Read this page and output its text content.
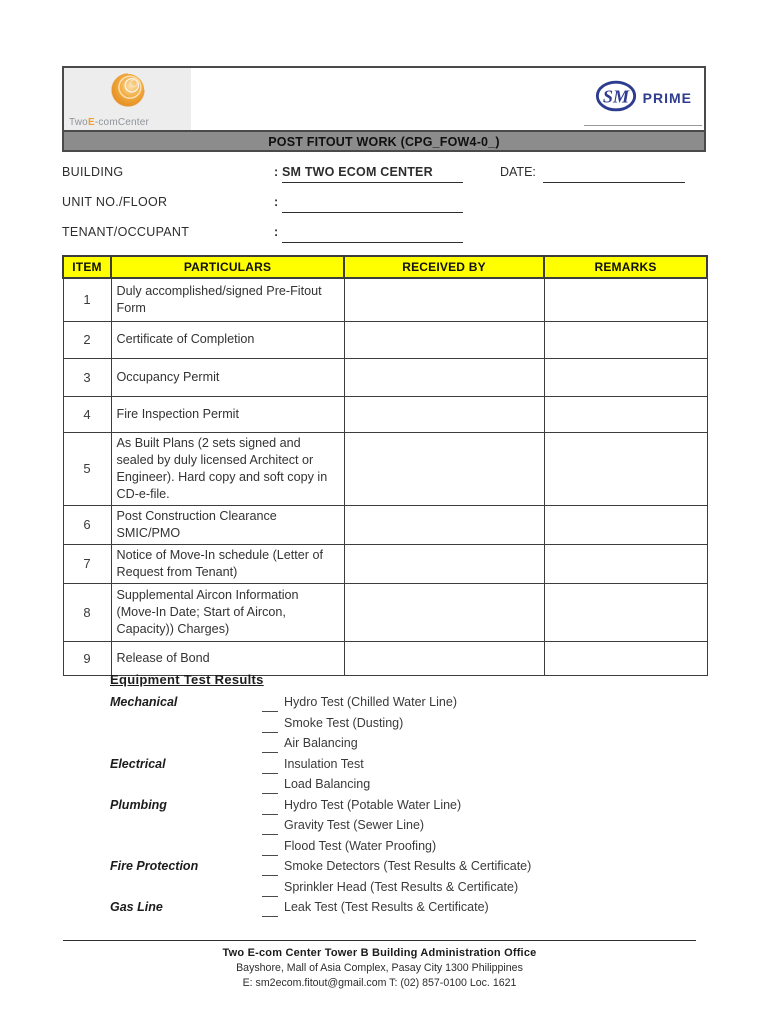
TwoE-comCenter
SM PRIME
POST FITOUT WORK (CPG_FOW4-0_)
BUILDING	: SM TWO ECOM CENTER	DATE:
UNIT NO./FLOOR	:
TENANT/OCCUPANT	:
ITEM	PARTICULARS	RECEIVED BY	REMARKS
1	Duly accomplished/signed Pre-Fitout Form		
2	Certificate of Completion		
3	Occupancy Permit		
4	Fire Inspection Permit		
5	As Built Plans (2 sets signed and sealed by duly licensed Architect or Engineer). Hard copy and soft copy in CD-e-file.		
6	Post Construction Clearance SMIC/PMO		
7	Notice of Move-In schedule (Letter of Request from Tenant)		
8	Supplemental Aircon Information (Move-In Date; Start of Aircon, Capacity)) Charges)		
9	Release of Bond		
Equipment Test Results
Mechanical	Hydro Test (Chilled Water Line)
Smoke Test (Dusting)
Air Balancing
Electrical	Insulation Test
Load Balancing
Plumbing	Hydro Test (Potable Water Line)
Gravity Test (Sewer Line)
Flood Test (Water Proofing)
Fire Protection	Smoke Detectors (Test Results & Certificate)
Sprinkler Head (Test Results & Certificate)
Gas Line	Leak Test (Test Results & Certificate)
Two E-com Center Tower B Building Administration Office
Bayshore, Mall of Asia Complex, Pasay City 1300 Philippines
E: sm2ecom.fitout@gmail.com T: (02) 857-0100 Loc. 1621
